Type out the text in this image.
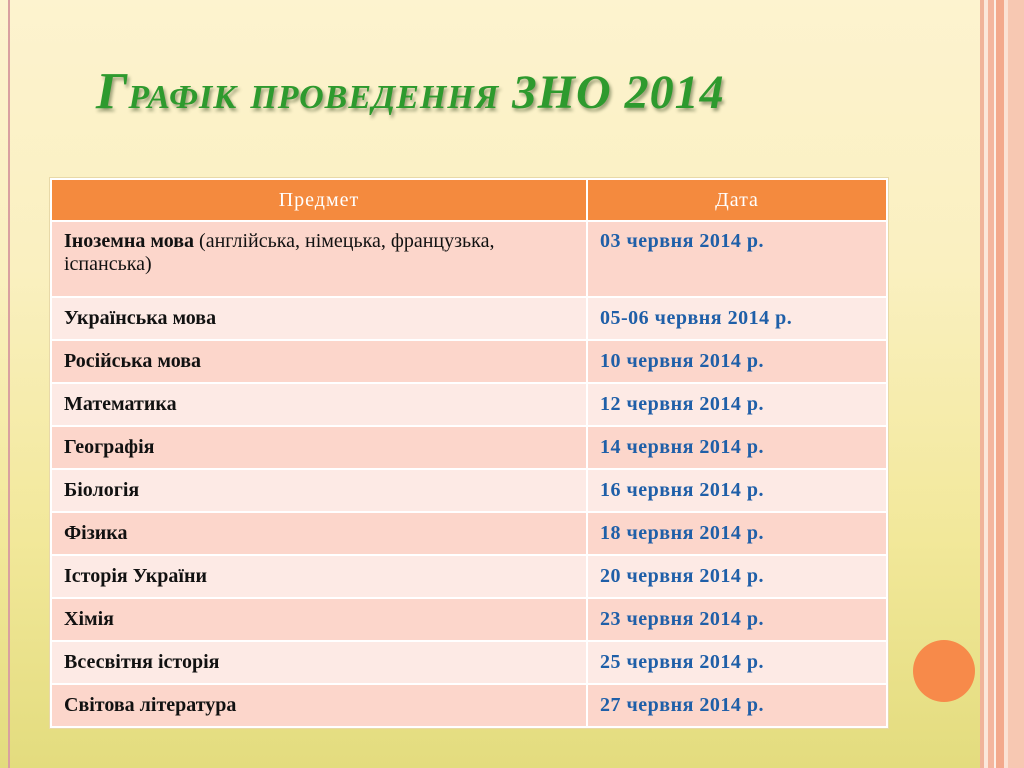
Графік проведення ЗНО 2014
Предмет	Дата
Іноземна мова (англійська, німецька, французька, іспанська)	03 червня 2014 р.
Українська мова	05-06 червня 2014 р.
Російська мова	10 червня 2014 р.
Математика	12 червня 2014 р.
Географія	14 червня 2014 р.
Біологія	16 червня 2014 р.
Фізика	18 червня 2014 р.
Історія України	20 червня 2014 р.
Хімія	23 червня 2014 р.
Всесвітня історія	25 червня 2014 р.
Світова література	27 червня 2014 р.
